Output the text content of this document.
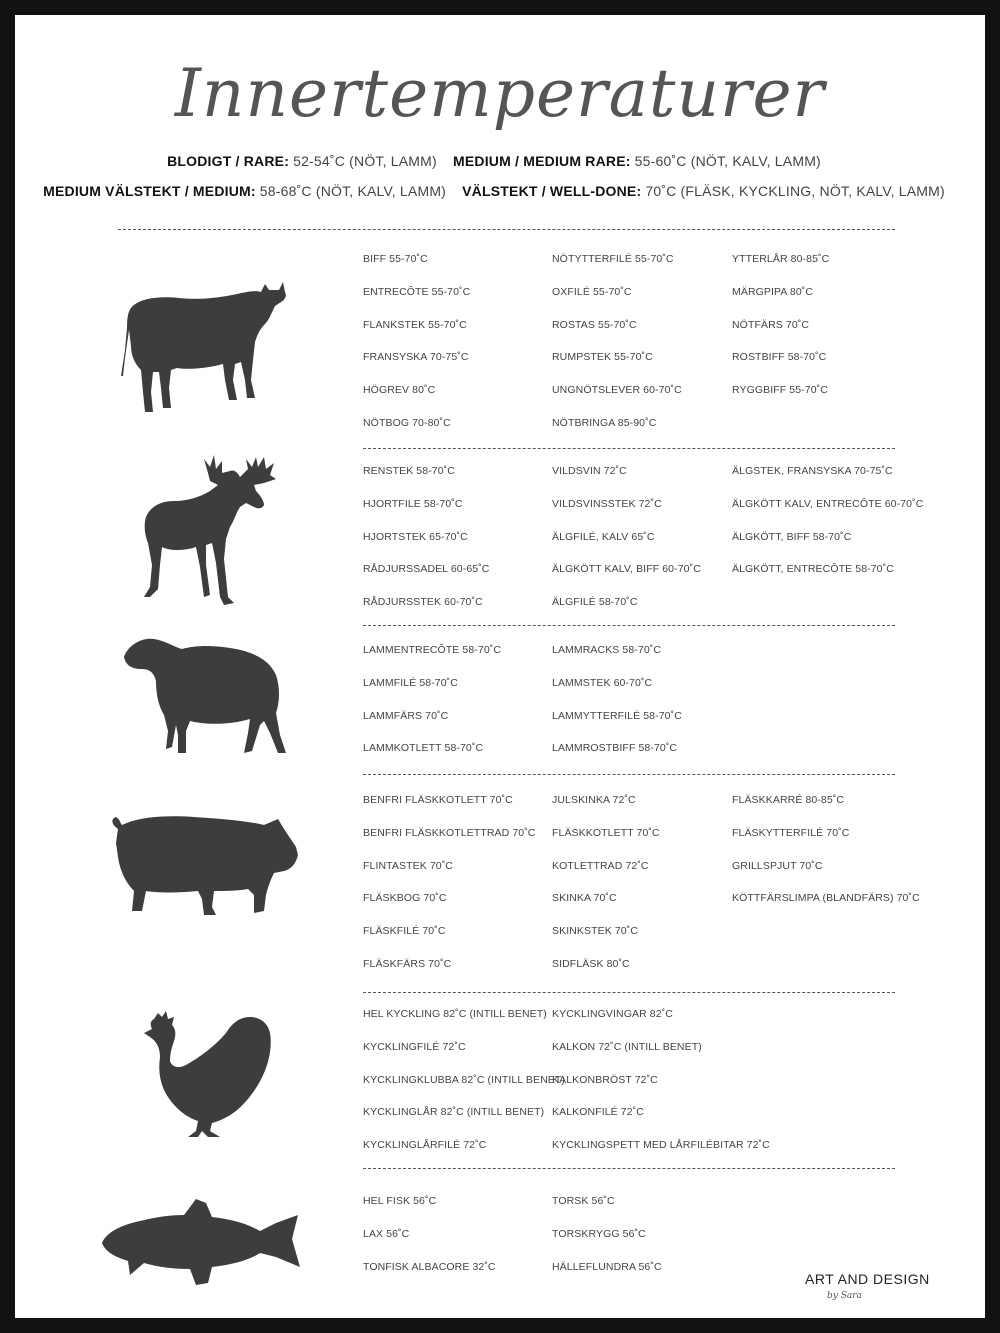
Innertemperaturer
BLODIGT / RARE: 52-54˚C (NÖT, LAMM) MEDIUM / MEDIUM RARE: 55-60˚C (NÖT, KALV, LAMM)
MEDIUM VÄLSTEKT / MEDIUM: 58-68˚C (NÖT, KALV, LAMM) VÄLSTEKT / WELL-DONE: 70˚C (FLÄSK, KYCKLING, NÖT, KALV, LAMM)
BIFF 55-70˚C
ENTRECÔTE 55-70˚C
FLANKSTEK 55-70˚C
FRANSYSKA 70-75˚C
HÖGREV 80˚C
NÖTBOG 70-80˚C
NÖTYTTERFILÉ 55-70˚C
OXFILÉ 55-70˚C
ROSTAS 55-70˚C
RUMPSTEK 55-70˚C
UNGNÖTSLEVER 60-70˚C
NÖTBRINGA 85-90˚C
YTTERLÅR 80-85˚C
MÄRGPIPA 80˚C
NÖTFÄRS 70˚C
ROSTBIFF 58-70˚C
RYGGBIFF 55-70˚C
RENSTEK 58-70˚C
HJORTFILE 58-70˚C
HJORTSTEK 65-70˚C
RÅDJURSSADEL 60-65˚C
RÅDJURSSTEK 60-70˚C
VILDSVIN 72˚C
VILDSVINSSTEK 72˚C
ÄLGFILÉ, KALV 65˚C
ÄLGKÖTT KALV, BIFF 60-70˚C
ÄLGFILÉ 58-70˚C
ÄLGSTEK, FRANSYSKA 70-75˚C
ÄLGKÖTT KALV, ENTRECÔTE 60-70˚C
ÄLGKÖTT, BIFF 58-70˚C
ÄLGKÖTT, ENTRECÔTE 58-70˚C
LAMMENTRECÔTE 58-70˚C
LAMMFILÉ 58-70˚C
LAMMFÄRS 70˚C
LAMMKOTLETT 58-70˚C
LAMMRACKS 58-70˚C
LAMMSTEK 60-70˚C
LAMMYTTERFILÉ 58-70˚C
LAMMROSTBIFF 58-70˚C
BENFRI FLÄSKKOTLETT 70˚C
BENFRI FLÄSKKOTLETTRAD 70˚C
FLINTASTEK 70˚C
FLÄSKBOG 70˚C
FLÄSKFILÉ 70˚C
FLÄSKFÄRS 70˚C
JULSKINKA 72˚C
FLÄSKKOTLETT 70˚C
KOTLETTRAD 72˚C
SKINKA 70˚C
SKINKSTEK 70˚C
SIDFLÄSK 80˚C
FLÄSKKARRÉ 80-85˚C
FLÄSKYTTERFILÉ 70˚C
GRILLSPJUT 70˚C
KÖTTFÄRSLIMPA (BLANDFÄRS) 70˚C
HEL KYCKLING 82˚C (INTILL BENET)
KYCKLINGFILÉ 72˚C
KYCKLINGKLUBBA 82˚C (INTILL BENET)
KYCKLINGLÅR 82˚C (INTILL BENET)
KYCKLINGLÅRFILÉ 72˚C
KYCKLINGVINGAR 82˚C
KALKON 72˚C (INTILL BENET)
KALKONBRÖST 72˚C
KALKONFILÉ 72˚C
KYCKLINGSPETT MED LÅRFILÉBITAR 72˚C
HEL FISK 56˚C
LAX 56˚C
TONFISK ALBACORE 32˚C
TORSK 56˚C
TORSKRYGG 56˚C
HÄLLEFLUNDRA 56˚C
ART AND DESIGN
by Sara
